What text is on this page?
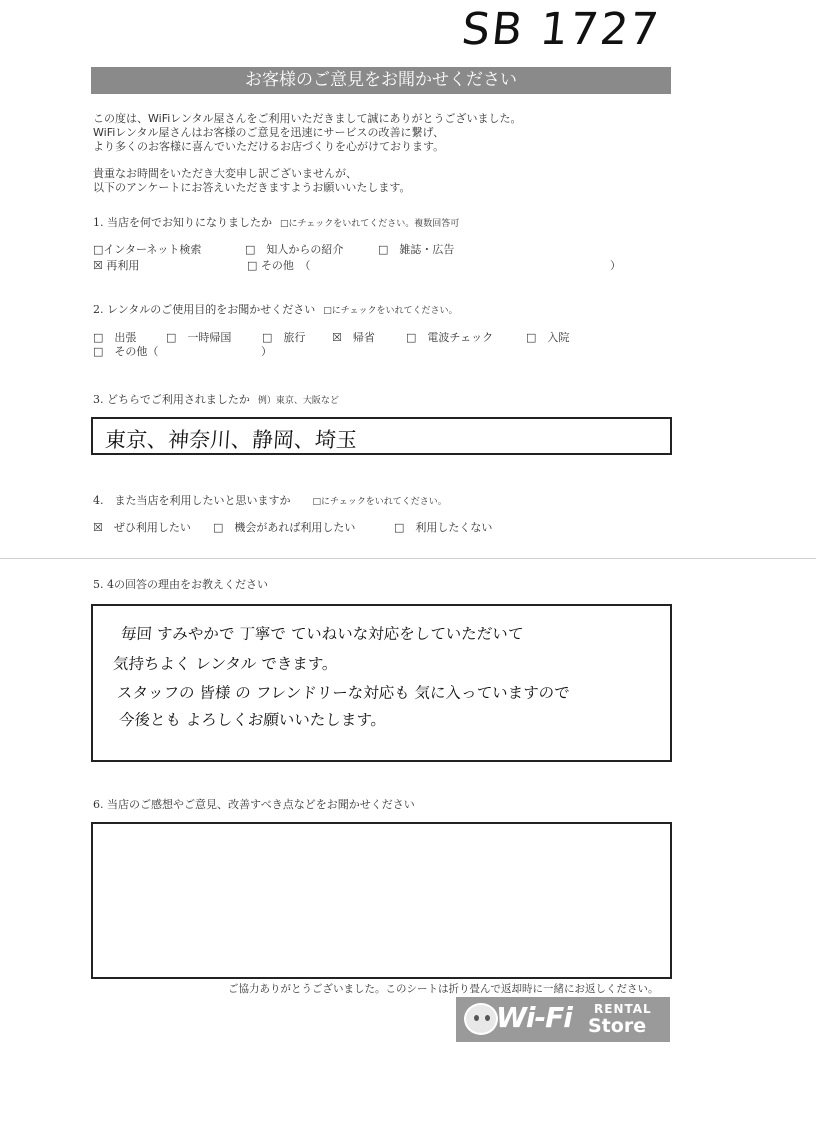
SB 1727
お客様のご意見をお聞かせください
この度は、WiFiレンタル屋さんをご利用いただきまして誠にありがとうございました。
WiFiレンタル屋さんはお客様のご意見を迅速にサービスの改善に繋げ、
より多くのお客様に喜んでいただけるお店づくりを心がけております。
貴重なお時間をいただき大変申し訳ございませんが、
以下のアンケートにお答えいただきますようお願いいたします。
1. 当店を何でお知りになりましたか □にチェックをいれてください。複数回答可
□インターネット検索	□　知人からの紹介	□　雑誌・広告
☒ 再利用	□ その他　（	）
2. レンタルのご使用目的をお聞かせください □にチェックをいれてください。
□　出張	□　一時帰国	□　旅行 ☒　帰省	□　電波チェック	□　入院
□　その他（	）
3. どちらでご利用されましたか 例）東京、大阪など
東京、神奈川、静岡、埼玉
4.　また当店を利用したいと思いますか □にチェックをいれてください。
☒　ぜひ利用したい □　機会があれば利用したい	□　利用したくない
5. 4の回答の理由をお教えください
毎回 すみやかで 丁寧で ていねいな対応をしていただいて
気持ちよく レンタル できます。
スタッフの 皆様 の フレンドリーな対応も 気に入っていますので
今後とも よろしくお願いいたします。
6. 当店のご感想やご意見、改善すべき点などをお聞かせください
ご協力ありがとうございました。このシートは折り畳んで返却時に一緒にお返しください。
Wi-Fi RENTAL
Store
